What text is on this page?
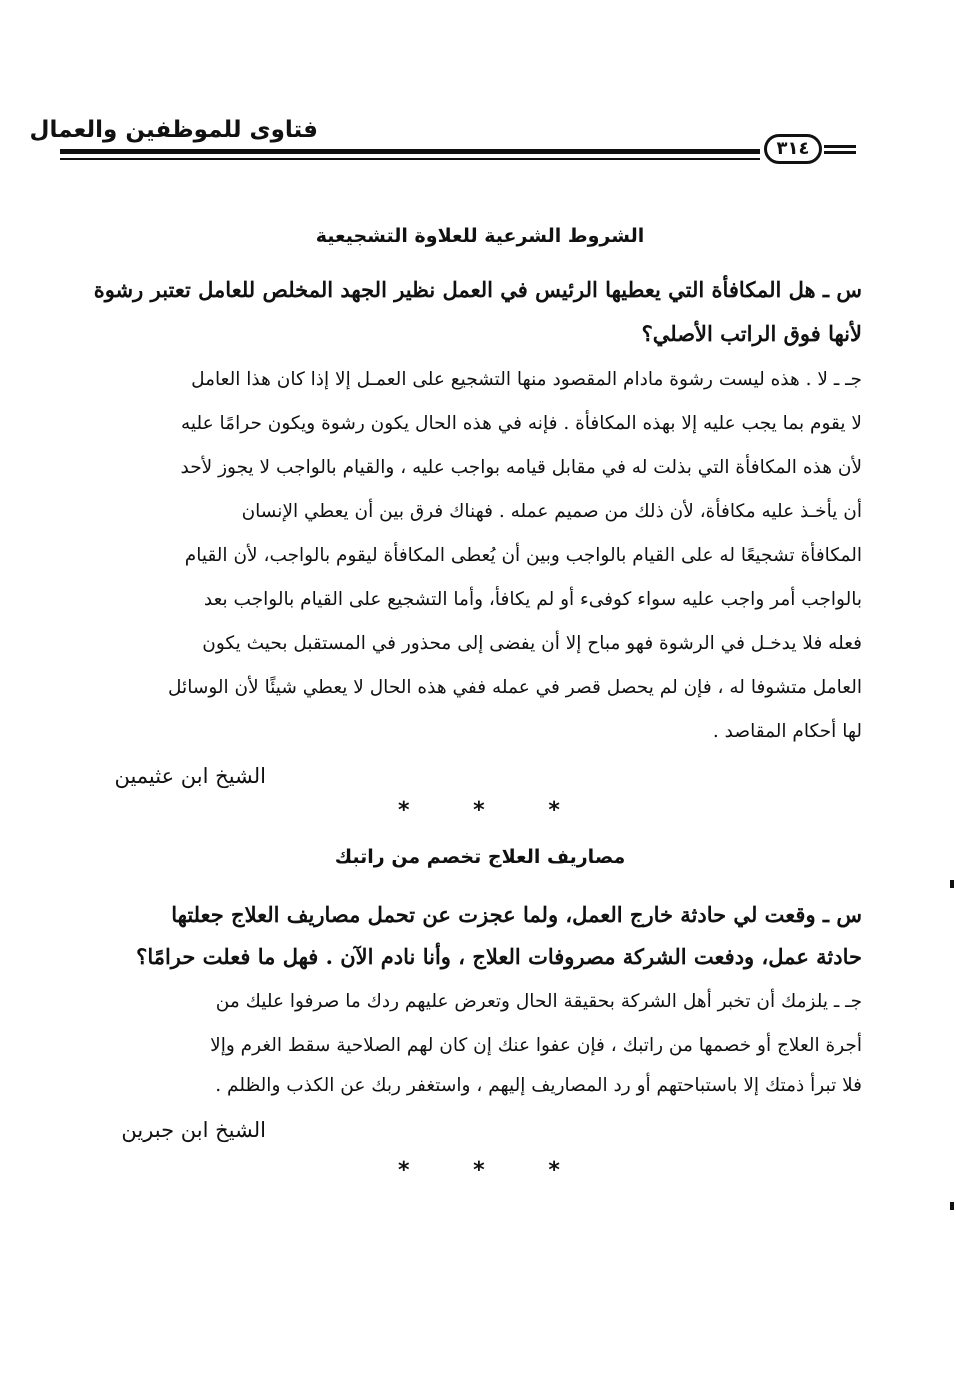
فتاوى للموظفين والعمال
٣١٤
الشروط الشرعية للعلاوة التشجيعية
س ـ هل المكافأة التي يعطيها الرئيس في العمل نظير الجهد المخلص للعامل تعتبر رشوة
لأنها فوق الراتب الأصلي؟
جـ ـ لا . هذه ليست رشوة مادام المقصود منها التشجيع على العمـل إلا إذا كان هذا العامل
لا يقوم بما يجب عليه إلا بهذه المكافأة . فإنه في هذه الحال يكون رشوة ويكون حرامًا عليه
لأن هذه المكافأة التي بذلت له في مقابل قيامه بواجب عليه ، والقيام بالواجب لا يجوز لأحد
أن يأخـذ عليه مكافأة، لأن ذلك من صميم عمله . فهناك فرق بين أن يعطي الإنسان
المكافأة تشجيعًا له على القيام بالواجب وبين أن يُعطى المكافأة ليقوم بالواجب، لأن القيام
بالواجب أمر واجب عليه سواء كوفىء أو لم يكافأ، وأما التشجيع على القيام بالواجب بعد
فعله فلا يدخـل في الرشوة فهو مباح إلا أن يفضى إلى محذور في المستقبل بحيث يكون
العامل متشوفا له ، فإن لم يحصل قصر في عمله ففي هذه الحال لا يعطي شيئًا لأن الوسائل
لها أحكام المقاصد .
الشيخ ابن عثيمين
* * *
مصاريف العلاج تخصم من راتبك
س ـ وقعت لي حادثة خارج العمل، ولما عجزت عن تحمل مصاريف العلاج جعلتها
حادثة عمل، ودفعت الشركة مصروفات العلاج ، وأنا نادم الآن . فهل ما فعلت حرامًا؟
جـ ـ يلزمك أن تخبر أهل الشركة بحقيقة الحال وتعرض عليهم ردك ما صرفوا عليك من
أجرة العلاج أو خصمها من راتبك ، فإن عفوا عنك إن كان لهم الصلاحية سقط الغرم وإلا
فلا تبرأ ذمتك إلا باستباحتهم أو رد المصاريف إليهم ، واستغفر ربك عن الكذب والظلم .
الشيخ ابن جبرين
* * *
